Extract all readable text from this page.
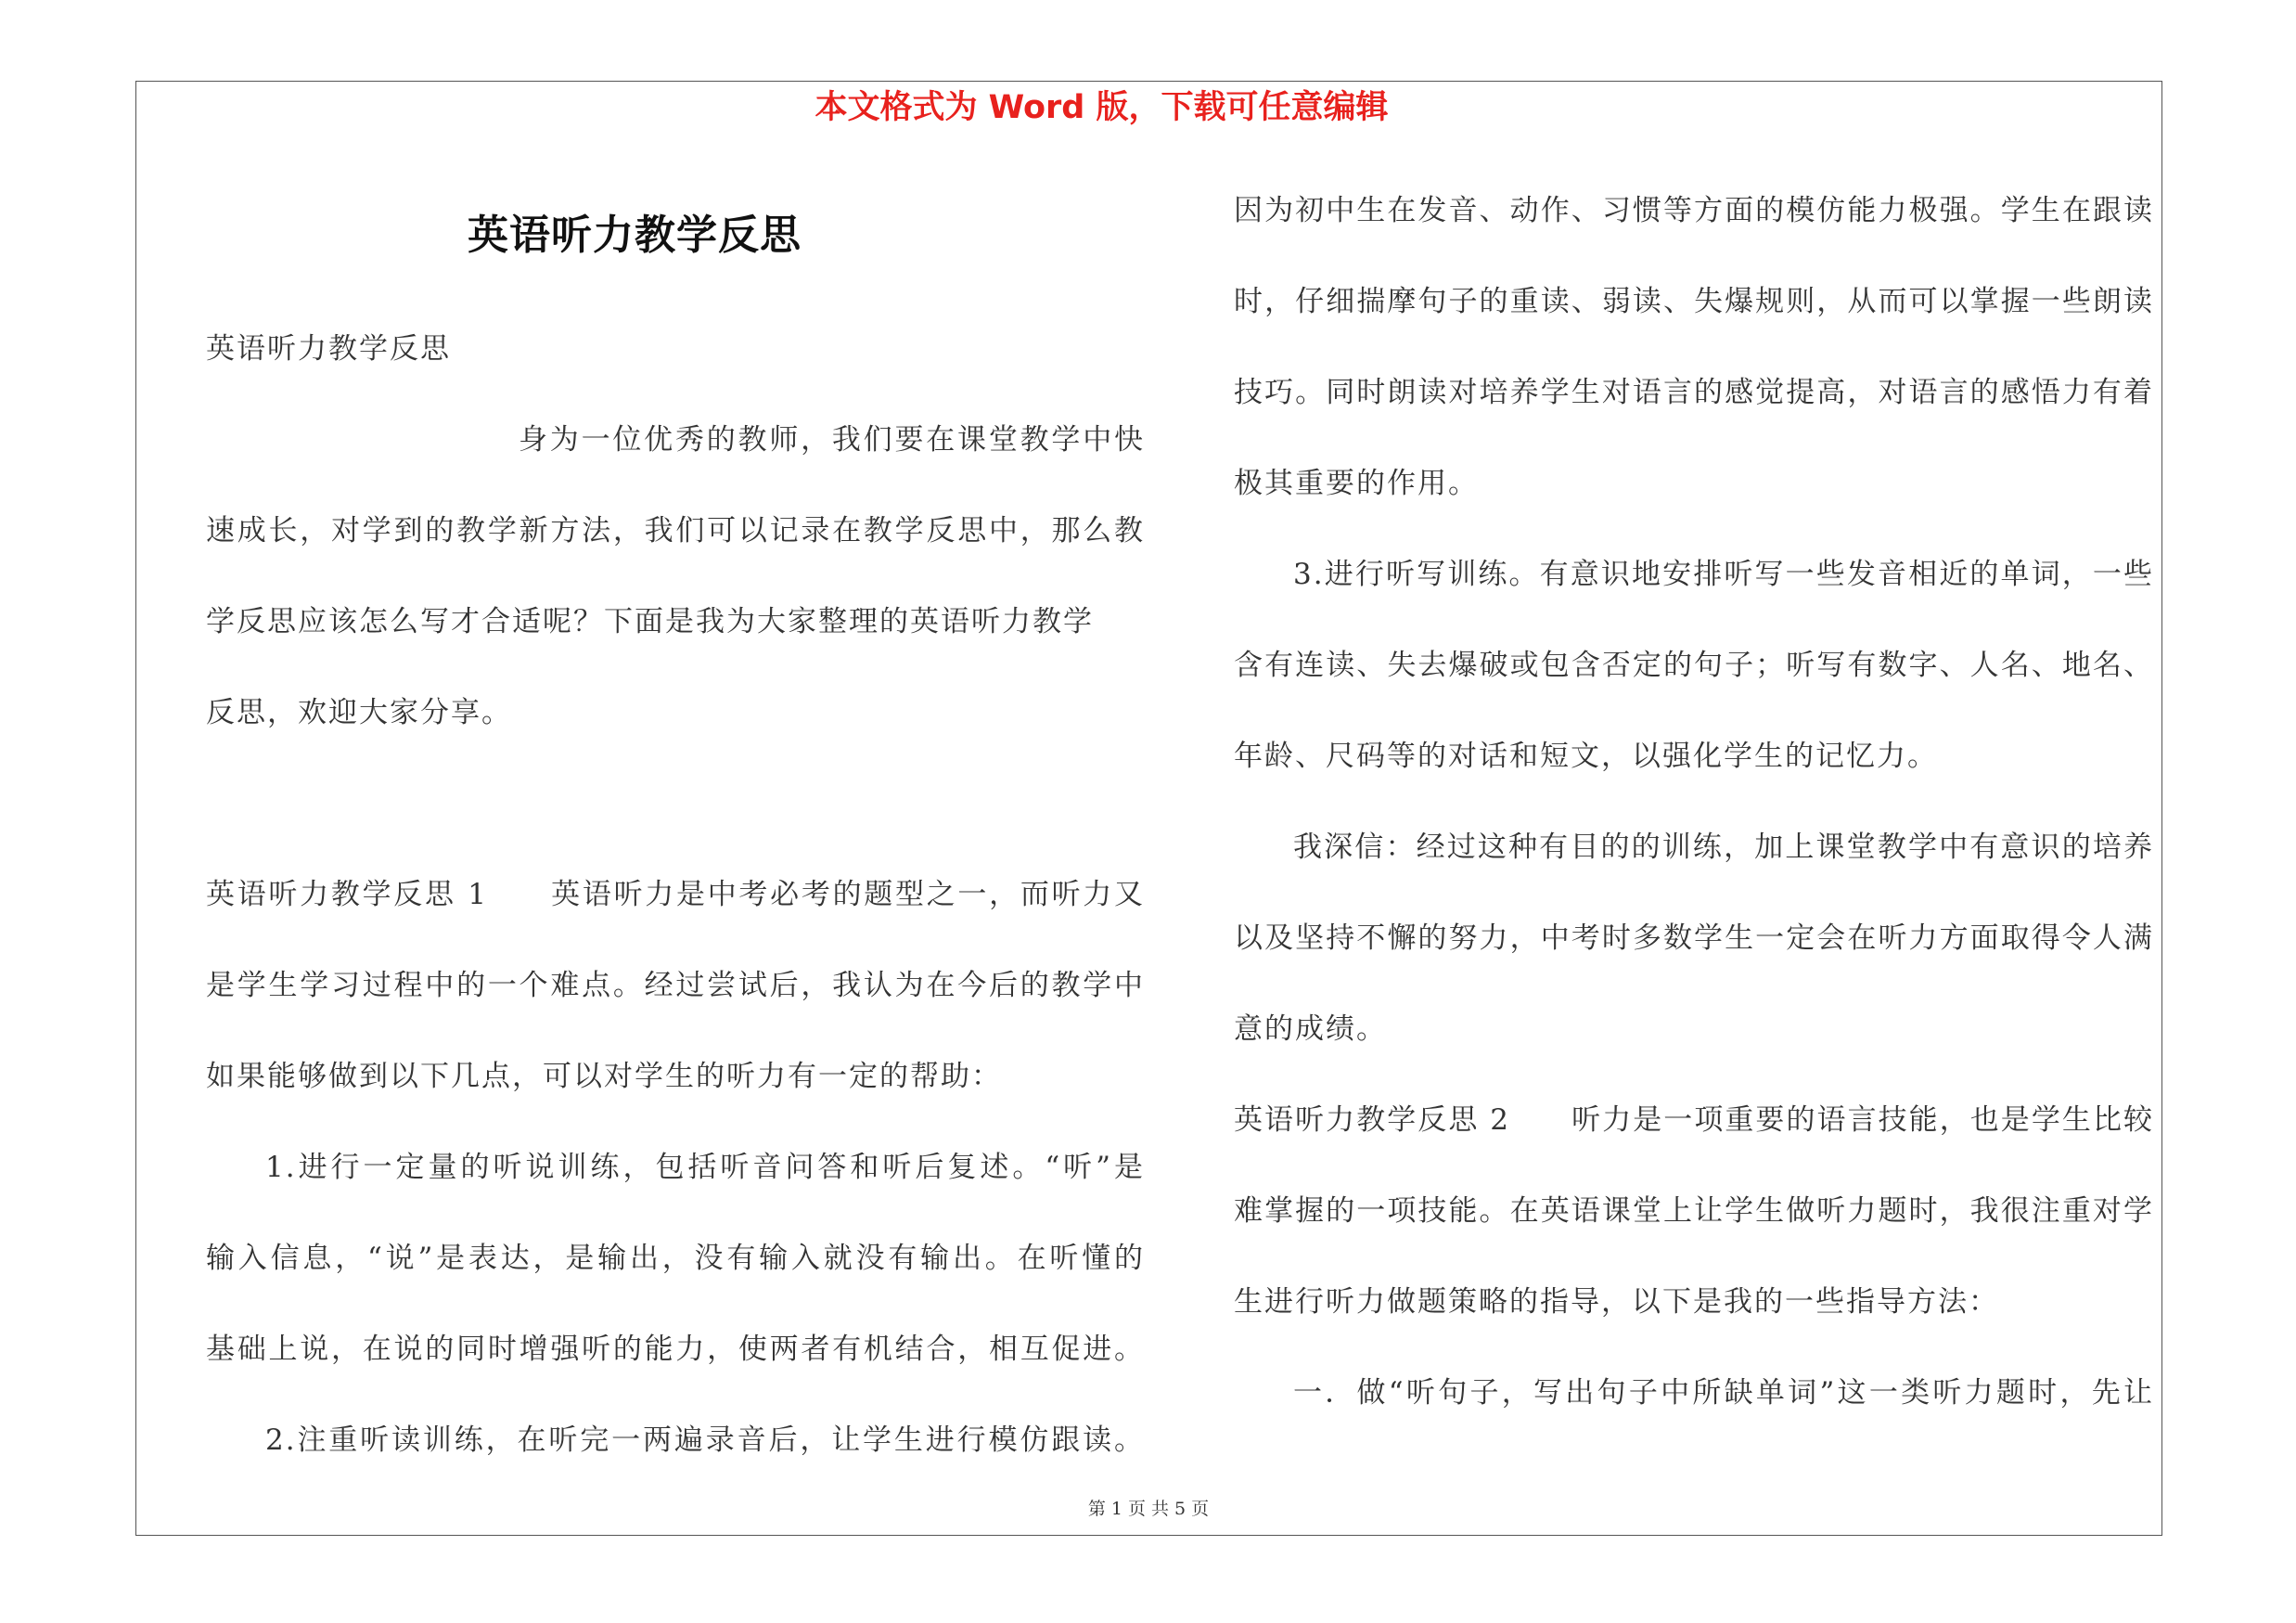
本文格式为 Word 版，下载可任意编辑
英语听力教学反思
英语听力教学反思
身为一位优秀的教师，我们要在课堂教学中快
速成长，对学到的教学新方法，我们可以记录在教学反思中，那么教
学反思应该怎么写才合适呢？下面是我为大家整理的英语听力教学
反思，欢迎大家分享。
英语听力教学反思 1　　英语听力是中考必考的题型之一，而听力又
是学生学习过程中的一个难点。经过尝试后，我认为在今后的教学中
如果能够做到以下几点，可以对学生的听力有一定的帮助：
1.进行一定量的听说训练，包括听音问答和听后复述。“听”是
输入信息，“说”是表达，是输出，没有输入就没有输出。在听懂的
基础上说，在说的同时增强听的能力，使两者有机结合，相互促进。
2.注重听读训练，在听完一两遍录音后，让学生进行模仿跟读。
因为初中生在发音、动作、习惯等方面的模仿能力极强。学生在跟读
时，仔细揣摩句子的重读、弱读、失爆规则，从而可以掌握一些朗读
技巧。同时朗读对培养学生对语言的感觉提高，对语言的感悟力有着
极其重要的作用。
3.进行听写训练。有意识地安排听写一些发音相近的单词，一些
含有连读、失去爆破或包含否定的句子；听写有数字、人名、地名、
年龄、尺码等的对话和短文，以强化学生的记忆力。
我深信：经过这种有目的的训练，加上课堂教学中有意识的培养
以及坚持不懈的努力，中考时多数学生一定会在听力方面取得令人满
意的成绩。
英语听力教学反思 2　　听力是一项重要的语言技能，也是学生比较
难掌握的一项技能。在英语课堂上让学生做听力题时，我很注重对学
生进行听力做题策略的指导，以下是我的一些指导方法：
一．做“听句子，写出句子中所缺单词”这一类听力题时，先让
第 1 页 共 5 页
